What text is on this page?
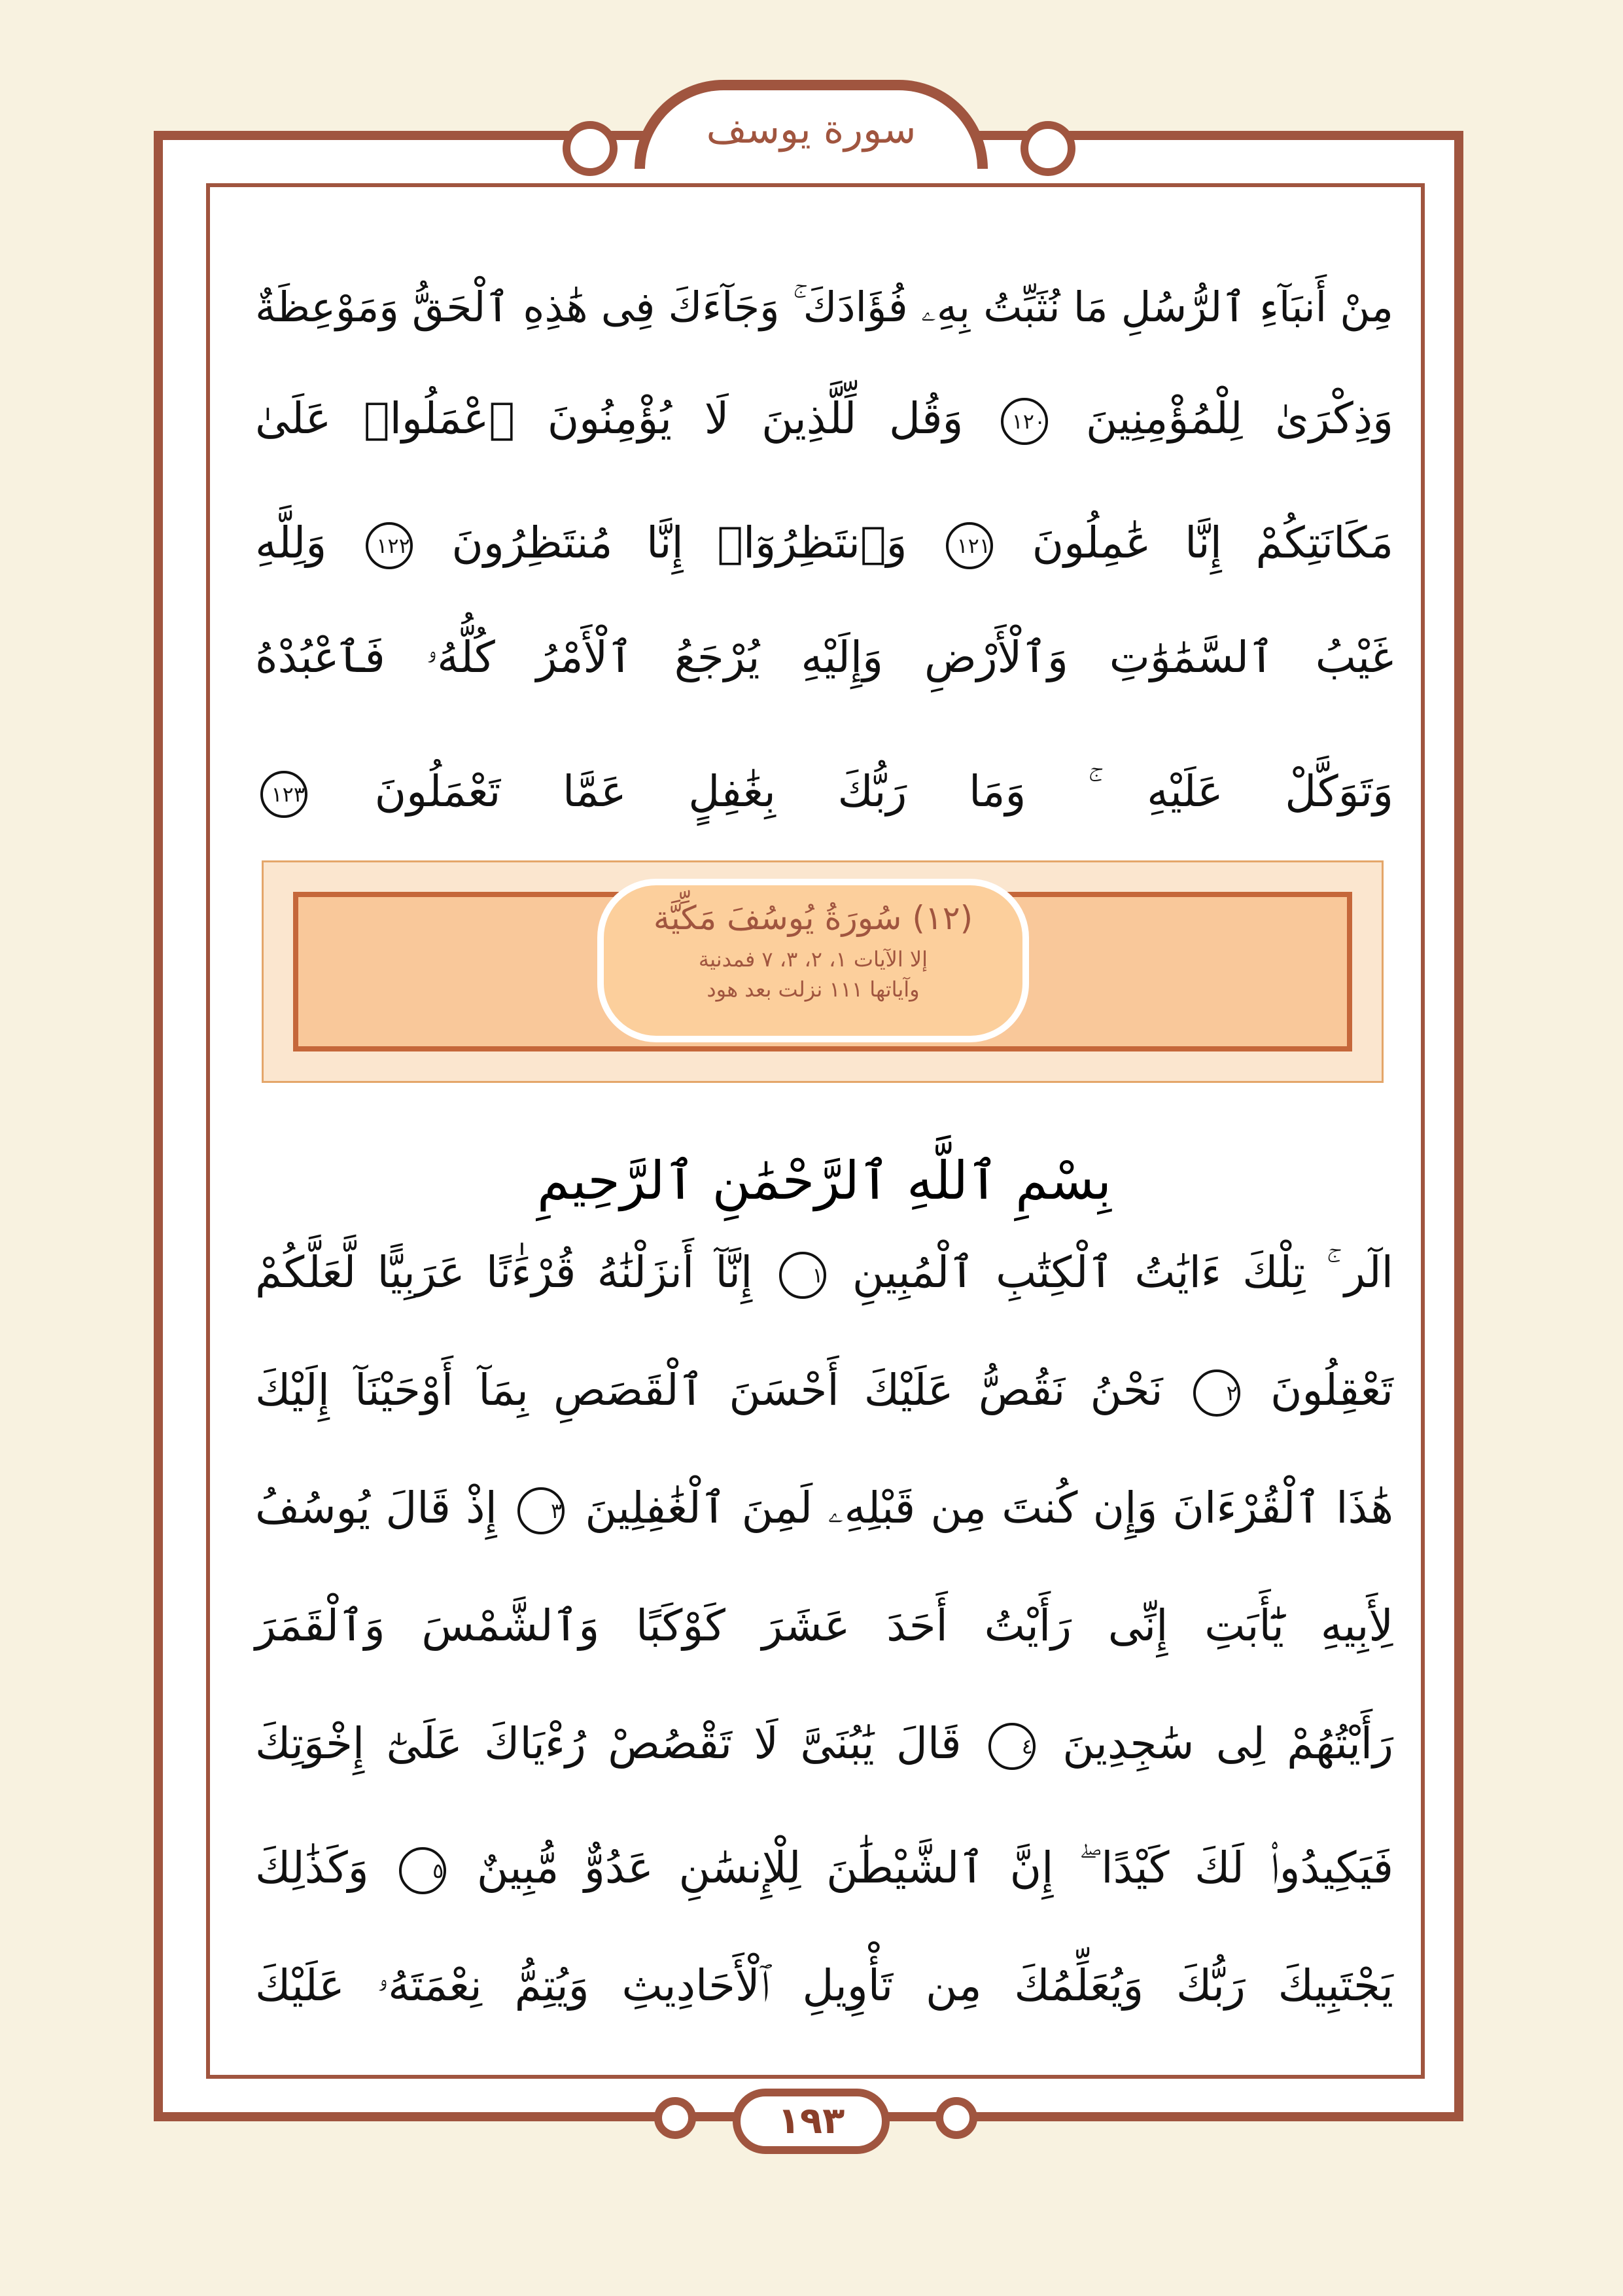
سورة يوسف
مِنْ أَنبَآءِ ٱلرُّسُلِ مَا نُثَبِّتُ بِهِۦ فُؤَادَكَ ۚ وَجَآءَكَ فِى هَٰذِهِ ٱلْحَقُّ وَمَوْعِظَةٌ
وَذِكْرَىٰ لِلْمُؤْمِنِينَ ١٢٠ وَقُل لِّلَّذِينَ لَا يُؤْمِنُونَ ٱعْمَلُوا۟ عَلَىٰ
مَكَانَتِكُمْ إِنَّا عَٰمِلُونَ ١٢١ وَٱنتَظِرُوٓا۟ إِنَّا مُنتَظِرُونَ ١٢٢ وَلِلَّهِ
غَيْبُ ٱلسَّمَٰوَٰتِ وَٱلْأَرْضِ وَإِلَيْهِ يُرْجَعُ ٱلْأَمْرُ كُلُّهُۥ فَٱعْبُدْهُ
وَتَوَكَّلْ عَلَيْهِ ۚ وَمَا رَبُّكَ بِغَٰفِلٍ عَمَّا تَعْمَلُونَ ١٢٣
(١٢) سُورَةُ يُوسُفَ مَكِّيَّة
إلا الآيات ١، ٢، ٣، ٧ فمدنية
وآياتها ١١١ نزلت بعد هود
بِسْمِ ٱللَّهِ ٱلرَّحْمَٰنِ ٱلرَّحِيمِ
الٓر ۚ تِلْكَ ءَايَٰتُ ٱلْكِتَٰبِ ٱلْمُبِينِ ١ إِنَّآ أَنزَلْنَٰهُ قُرْءَٰنًا عَرَبِيًّا لَّعَلَّكُمْ
تَعْقِلُونَ ٢ نَحْنُ نَقُصُّ عَلَيْكَ أَحْسَنَ ٱلْقَصَصِ بِمَآ أَوْحَيْنَآ إِلَيْكَ
هَٰذَا ٱلْقُرْءَانَ وَإِن كُنتَ مِن قَبْلِهِۦ لَمِنَ ٱلْغَٰفِلِينَ ٣ إِذْ قَالَ يُوسُفُ
لِأَبِيهِ يَٰٓأَبَتِ إِنِّى رَأَيْتُ أَحَدَ عَشَرَ كَوْكَبًا وَٱلشَّمْسَ وَٱلْقَمَرَ
رَأَيْتُهُمْ لِى سَٰجِدِينَ ٤ قَالَ يَٰبُنَىَّ لَا تَقْصُصْ رُءْيَاكَ عَلَىٰٓ إِخْوَتِكَ
فَيَكِيدُوا۟ لَكَ كَيْدًا ۖ إِنَّ ٱلشَّيْطَٰنَ لِلْإِنسَٰنِ عَدُوٌّ مُّبِينٌ ٥ وَكَذَٰلِكَ
يَجْتَبِيكَ رَبُّكَ وَيُعَلِّمُكَ مِن تَأْوِيلِ ٱلْأَحَادِيثِ وَيُتِمُّ نِعْمَتَهُۥ عَلَيْكَ
١٩٣
